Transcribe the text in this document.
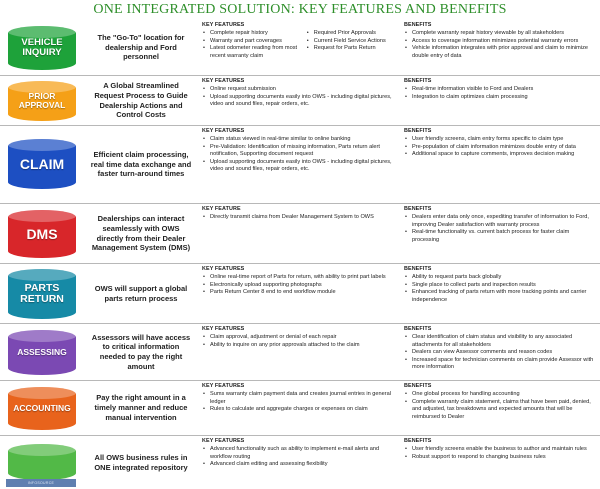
ONE INTEGRATED SOLUTION: KEY FEATURES AND BENEFITS
VEHICLE INQUIRY
The "Go-To" location for dealership and Ford personnel
KEY FEATURES
• Complete repair history
• Warranty and part coverages
• Latest odometer reading from most recent warranty claim
• Required Prior Approvals
• Current Field Service Actions
• Request for Parts Return
BENEFITS
• Complete warranty repair history viewable by all stakeholders
• Access to coverage information minimizes potential warranty errors
• Vehicle information integrates with prior approval and claim to minimize double entry of data
PRIOR APPROVAL
A Global Streamlined Request Process to Guide Dealership Actions and Control Costs
KEY FEATURES
• Online request submission
• Upload supporting documents easily into OWS - including digital pictures, video and sound files, repair orders, etc.
BENEFITS
• Real-time information visible to Ford and Dealers
• Integration to claim optimizes claim processing
CLAIM
Efficient claim processing, real time data exchange and faster turn-around times
KEY FEATURES
• Claim status viewed in real-time similar to online banking
• Pre-Validation: Identification of missing information, Parts return alert notification, Supporting document request
• Upload supporting documents easily into OWS - including digital pictures, video and sound files, repair orders, etc.
BENEFITS
• User friendly screens, claim entry forms specific to claim type
• Pre-population of claim information minimizes double entry of data
• Additional space to capture comments, improves decision making
DMS
Dealerships can interact seamlessly with OWS directly from their Dealer Management System (DMS)
KEY FEATURE
• Directly transmit claims from Dealer Management System to OWS
BENEFITS
• Dealers enter data only once, expediting transfer of information to Ford, improving Dealer satisfaction with warranty process
• Real-time functionality vs. current batch process for faster claim processing
PARTS RETURN
OWS will support a global parts return process
KEY FEATURES
• Online real-time report of Parts for return, with ability to print part labels
• Electronically upload supporting photographs
• Parts Return Center 8 end to end workflow module
BENEFITS
• Ability to request parts back globally
• Single place to collect parts and inspection results
• Enhanced tracking of parts return with more tracking points and carrier independence
ASSESSING
Assessors will have access to critical information needed to pay the right amount
KEY FEATURES
• Claim approval, adjustment or denial of each repair
• Ability to inquire on any prior approvals attached to the claim
BENEFITS
• Clear identification of claim status and visibility to any associated attachments for all stakeholders
• Dealers can view Assessor comments and reason codes
• Increased space for technician comments on claim provide Assessor with more information
ACCOUNTING
Pay the right amount in a timely manner and reduce manual intervention
KEY FEATURES
• Sums warranty claim payment data and creates journal entries in general ledger
• Rules to calculate and aggregate charges or expenses on claim
BENEFITS
• One global process for handling accounting
• Complete warranty claim statement, claims that have been paid, denied, and adjusted, tax breakdowns and expected amounts that will be reimbursed to Dealer
INFOSOURCE
All OWS business rules in ONE integrated repository
KEY FEATURES
• Advanced functionality such as ability to implement e-mail alerts and workflow routing
• Advanced claim editing and assessing flexibility
BENEFITS
• User friendly screens enable the business to author and maintain rules
• Robust support to respond to changing business rules
